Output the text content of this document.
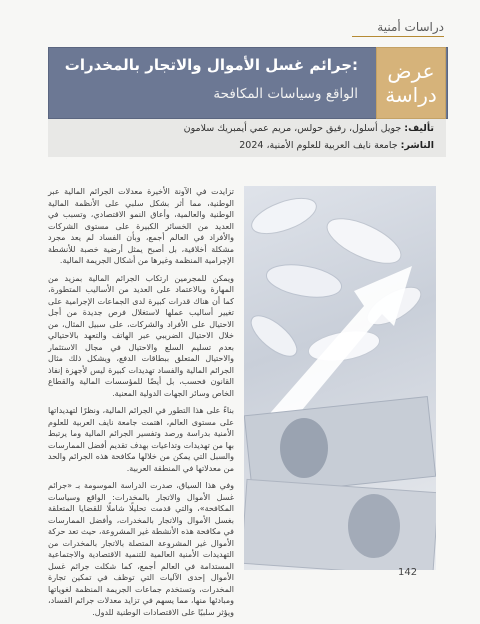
دراسات أمنية
عرض
دراسة
جرائم غسل الأموال والاتجار بالمخدرات:
الواقع وسياسات المكافحة
تأليف: جويل أسلول، رفيق حولس، مريم عمي أيمبريك سلامون
الناشر: جامعة نايف العربية للعلوم الأمنية، 2024

تزايدت في الآونة الأخيرة معدلات الجرائم المالية عبر الوطنية، مما أثر بشكل سلبي على الأنظمة المالية الوطنية والعالمية، وأعاق النمو الاقتصادي، وتسبب في العديد من الخسائر الكبيرة على مستوى الشركات والأفراد في العالم أجمع، وبأن الفساد لم يعد مجرد مشكلة أخلاقية، بل أصبح يمثل أرضية خصبة للأنشطة الإجرامية المنظمة وغيرها من أشكال الجريمة المالية.

ويمكن للمجرمين ارتكاب الجرائم المالية بمزيد من المهارة وبالاعتماد على العديد من الأساليب المتطورة، كما أن هناك قدرات كبيرة لدى الجماعات الإجرامية على تغيير أساليب عملها لاستغلال فرص جديدة من أجل الاحتيال على الأفراد والشركات، على سبيل المثال، من خلال الاحتيال الضريبي عبر الهاتف والتعهد بالاحتيالي بعدم تسليم السلع والاحتيال في مجال الاستثمار والاحتيال المتعلق ببطاقات الدفع، ويشكل ذلك مثال الجرائم المالية والفساد تهديدات كبيرة ليس لأجهزة إنفاذ القانون فحسب، بل أيضًا للمؤسسات المالية والقطاع الخاص وسائر الجهات الدولية المعنية.

بناءً على هذا التطور في الجرائم المالية، ونظرًا لتهديداتها على مستوى العالم، اهتمت جامعة نايف العربية للعلوم الأمنية بدراسة ورصد وتفسير الجرائم المالية وما يرتبط بها من تهديدات وتداعيات بهدف تقديم أفضل الممارسات والسبل التي يمكن من خلالها مكافحة هذه الجرائم والحد من معدلاتها في المنطقة العربية.

وفي هذا السياق، صدرت الدراسة الموسومة بـ «جرائم غسل الأموال والاتجار بالمخدرات: الواقع وسياسات المكافحة»، والتي قدمت تحليلًا شاملًا للقضايا المتعلقة بغسل الأموال والاتجار بالمخدرات، وأفضل الممارسات في مكافحة هذه الأنشطة غير المشروعة، حيث تعد حركة الأموال غير المشروعة المتصلة بالاتجار بالمخدرات من التهديدات الأمنية العالمية للتنمية الاقتصادية والاجتماعية المستدامة في العالم أجمع، كما شكلت جرائم غسل الأموال إحدى الآليات التي توظف في تمكين تجارة المخدرات، وتستخدم جماعات الجريمة المنظمة لغوياتها ومبادئها منها، مما يسهم في تزايد معدلات جرائم الفساد، ويؤثر سلبيًا على الاقتصادات الوطنية للدول.

142
